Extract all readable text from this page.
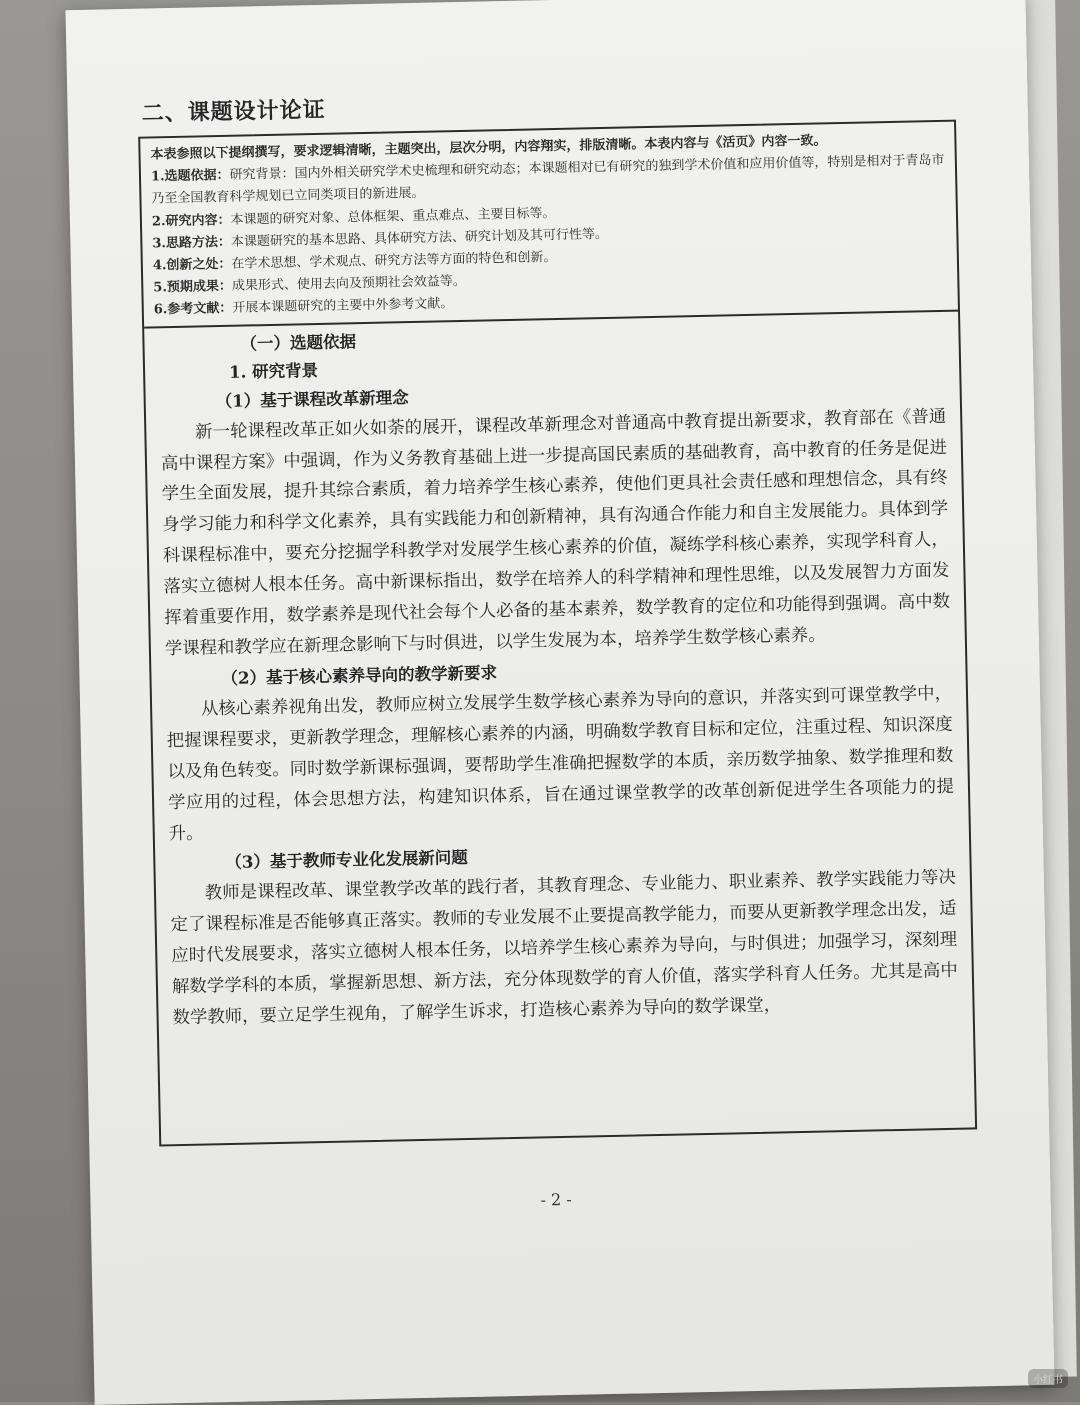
二、课题设计论证
本表参照以下提纲撰写，要求逻辑清晰，主题突出，层次分明，内容翔实，排版清晰。本表内容与《活页》内容一致。
1.选题依据：研究背景：国内外相关研究学术史梳理和研究动态；本课题相对已有研究的独到学术价值和应用价值等，特别是相对于青岛市乃至全国教育科学规划已立同类项目的新进展。
2.研究内容：本课题的研究对象、总体框架、重点难点、主要目标等。
3.思路方法：本课题研究的基本思路、具体研究方法、研究计划及其可行性等。
4.创新之处：在学术思想、学术观点、研究方法等方面的特色和创新。
5.预期成果：成果形式、使用去向及预期社会效益等。
6.参考文献：开展本课题研究的主要中外参考文献。
（一）选题依据
1. 研究背景
（1）基于课程改革新理念

新一轮课程改革正如火如荼的展开，课程改革新理念对普通高中教育提出新要求，教育部在《普通高中课程方案》中强调，作为义务教育基础上进一步提高国民素质的基础教育，高中教育的任务是促进学生全面发展，提升其综合素质，着力培养学生核心素养，使他们更具社会责任感和理想信念，具有终身学习能力和科学文化素养，具有实践能力和创新精神，具有沟通合作能力和自主发展能力。具体到学科课程标准中，要充分挖掘学科教学对发展学生核心素养的价值，凝练学科核心素养，实现学科育人，落实立德树人根本任务。高中新课标指出，数学在培养人的科学精神和理性思维，以及发展智力方面发挥着重要作用，数学素养是现代社会每个人必备的基本素养，数学教育的定位和功能得到强调。高中数学课程和教学应在新理念影响下与时俱进，以学生发展为本，培养学生数学核心素养。

（2）基于核心素养导向的教学新要求

从核心素养视角出发，教师应树立发展学生数学核心素养为导向的意识，并落实到可课堂教学中，把握课程要求，更新教学理念，理解核心素养的内涵，明确数学教育目标和定位，注重过程、知识深度以及角色转变。同时数学新课标强调，要帮助学生准确把握数学的本质，亲历数学抽象、数学推理和数学应用的过程，体会思想方法，构建知识体系，旨在通过课堂教学的改革创新促进学生各项能力的提升。

（3）基于教师专业化发展新问题

教师是课程改革、课堂教学改革的践行者，其教育理念、专业能力、职业素养、教学实践能力等决定了课程标准是否能够真正落实。教师的专业发展不止要提高教学能力，而要从更新教学理念出发，适应时代发展要求，落实立德树人根本任务，以培养学生核心素养为导向，与时俱进；加强学习，深刻理解数学学科的本质，掌握新思想、新方法，充分体现数学的育人价值，落实学科育人任务。尤其是高中数学教师，要立足学生视角，了解学生诉求，打造核心素养为导向的数学课堂，

- 2 -
小红书
